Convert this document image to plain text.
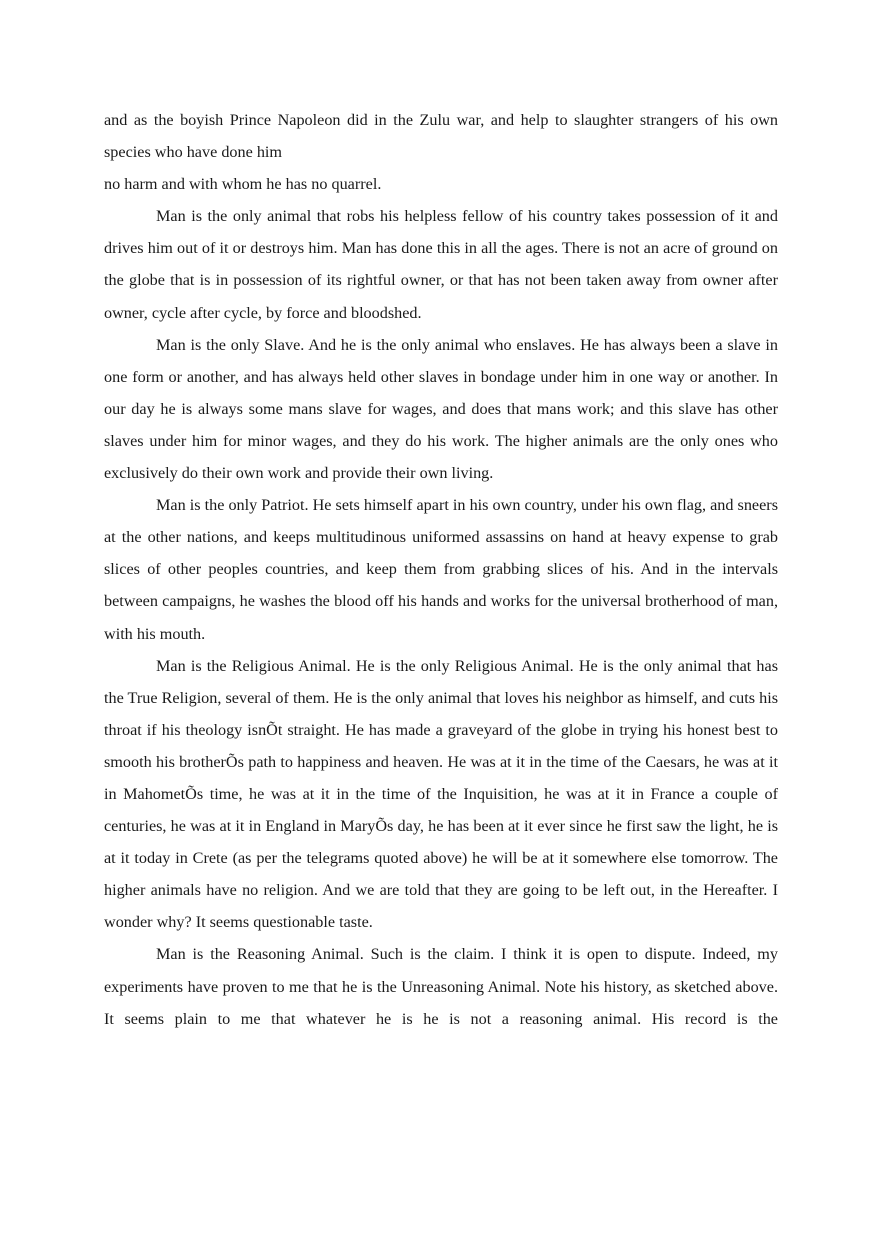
and as the boyish Prince Napoleon did in the Zulu war, and help to slaughter strangers of his own species who have done him

no harm and with whom he has no quarrel.

Man is the only animal that robs his helpless fellow of his country takes possession of it and drives him out of it or destroys him. Man has done this in all the ages. There is not an acre of ground on the globe that is in possession of its rightful owner, or that has not been taken away from owner after owner, cycle after cycle, by force and bloodshed.

Man is the only Slave. And he is the only animal who enslaves. He has always been a slave in one form or another, and has always held other slaves in bondage under him in one way or another. In our day he is always some mans slave for wages, and does that mans work; and this slave has other slaves under him for minor wages, and they do his work. The higher animals are the only ones who exclusively do their own work and provide their own living.

Man is the only Patriot. He sets himself apart in his own country, under his own flag, and sneers at the other nations, and keeps multitudinous uniformed assassins on hand at heavy expense to grab slices of other peoples countries, and keep them from grabbing slices of his. And in the intervals between campaigns, he washes the blood off his hands and works for the universal brotherhood of man, with his mouth.

Man is the Religious Animal. He is the only Religious Animal. He is the only animal that has the True Religion, several of them. He is the only animal that loves his neighbor as himself, and cuts his throat if his theology isnÕt straight. He has made a graveyard of the globe in trying his honest best to smooth his brotherÕs path to happiness and heaven. He was at it in the time of the Caesars, he was at it in MahometÕs time, he was at it in the time of the Inquisition, he was at it in France a couple of centuries, he was at it in England in MaryÕs day, he has been at it ever since he first saw the light, he is at it today in Crete (as per the telegrams quoted above) he will be at it somewhere else tomorrow. The higher animals have no religion. And we are told that they are going to be left out, in the Hereafter. I wonder why? It seems questionable taste.

Man is the Reasoning Animal. Such is the claim. I think it is open to dispute. Indeed, my experiments have proven to me that he is the Unreasoning Animal. Note his history, as sketched above. It seems plain to me that whatever he is he is not a reasoning animal. His record is the
